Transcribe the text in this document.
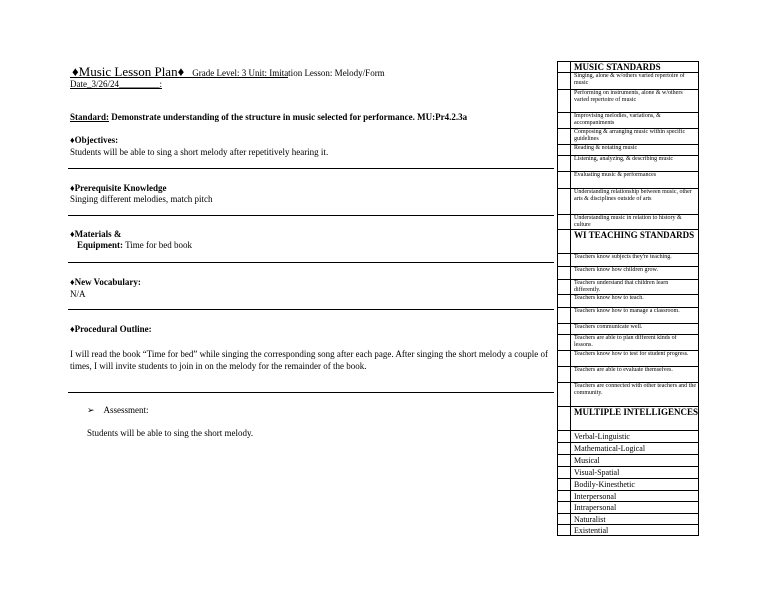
♦Music Lesson Plan♦ Grade Level: 3 Unit: Imitation Lesson: Melody/Form
Date_3/26/24_________:
Standard: Demonstrate understanding of the structure in music selected for performance. MU:Pr4.2.3a
♦Objectives:
Students will be able to sing a short melody after repetitively hearing it.
♦Prerequisite Knowledge
Singing different melodies, match pitch
♦Materials &
Equipment: Time for bed book
♦New Vocabulary:
N/A
♦Procedural Outline:
I will read the book “Time for bed” while singing the corresponding song after each page. After singing the short melody a couple of times, I will invite students to join in on the melody for the remainder of the book.
➢ Assessment:
Students will be able to sing the short melody.
MUSIC STANDARDS
Singing, alone & w/others varied repertoire of music
Performing on instruments, alone & w/others varied repertoire of music
Improvising melodies, variations, & accompaniments
Composing & arranging music within specific guidelines
Reading & notating music
Listening, analyzing, & describing music
Evaluating music & performances
Understanding relationship between music, other arts & disciplines outside of arts
Understanding music in relation to history & culture
WI TEACHING STANDARDS
Teachers know subjects they're teaching.
Teachers know how children grow.
Teachers understand that children learn differently.
Teachers know how to teach.
Teachers know how to manage a classroom.
Teachers communicate well.
Teachers are able to plan different kinds of lessons.
Teachers know how to test for student progress.
Teachers are able to evaluate themselves.
Teachers are connected with other teachers and the community.
MULTIPLE INTELLIGENCES
Verbal-Linguistic
Mathematical-Logical
Musical
Visual-Spatial
Bodily-Kinesthetic
Interpersonal
Intrapersonal
Naturalist
Existential
